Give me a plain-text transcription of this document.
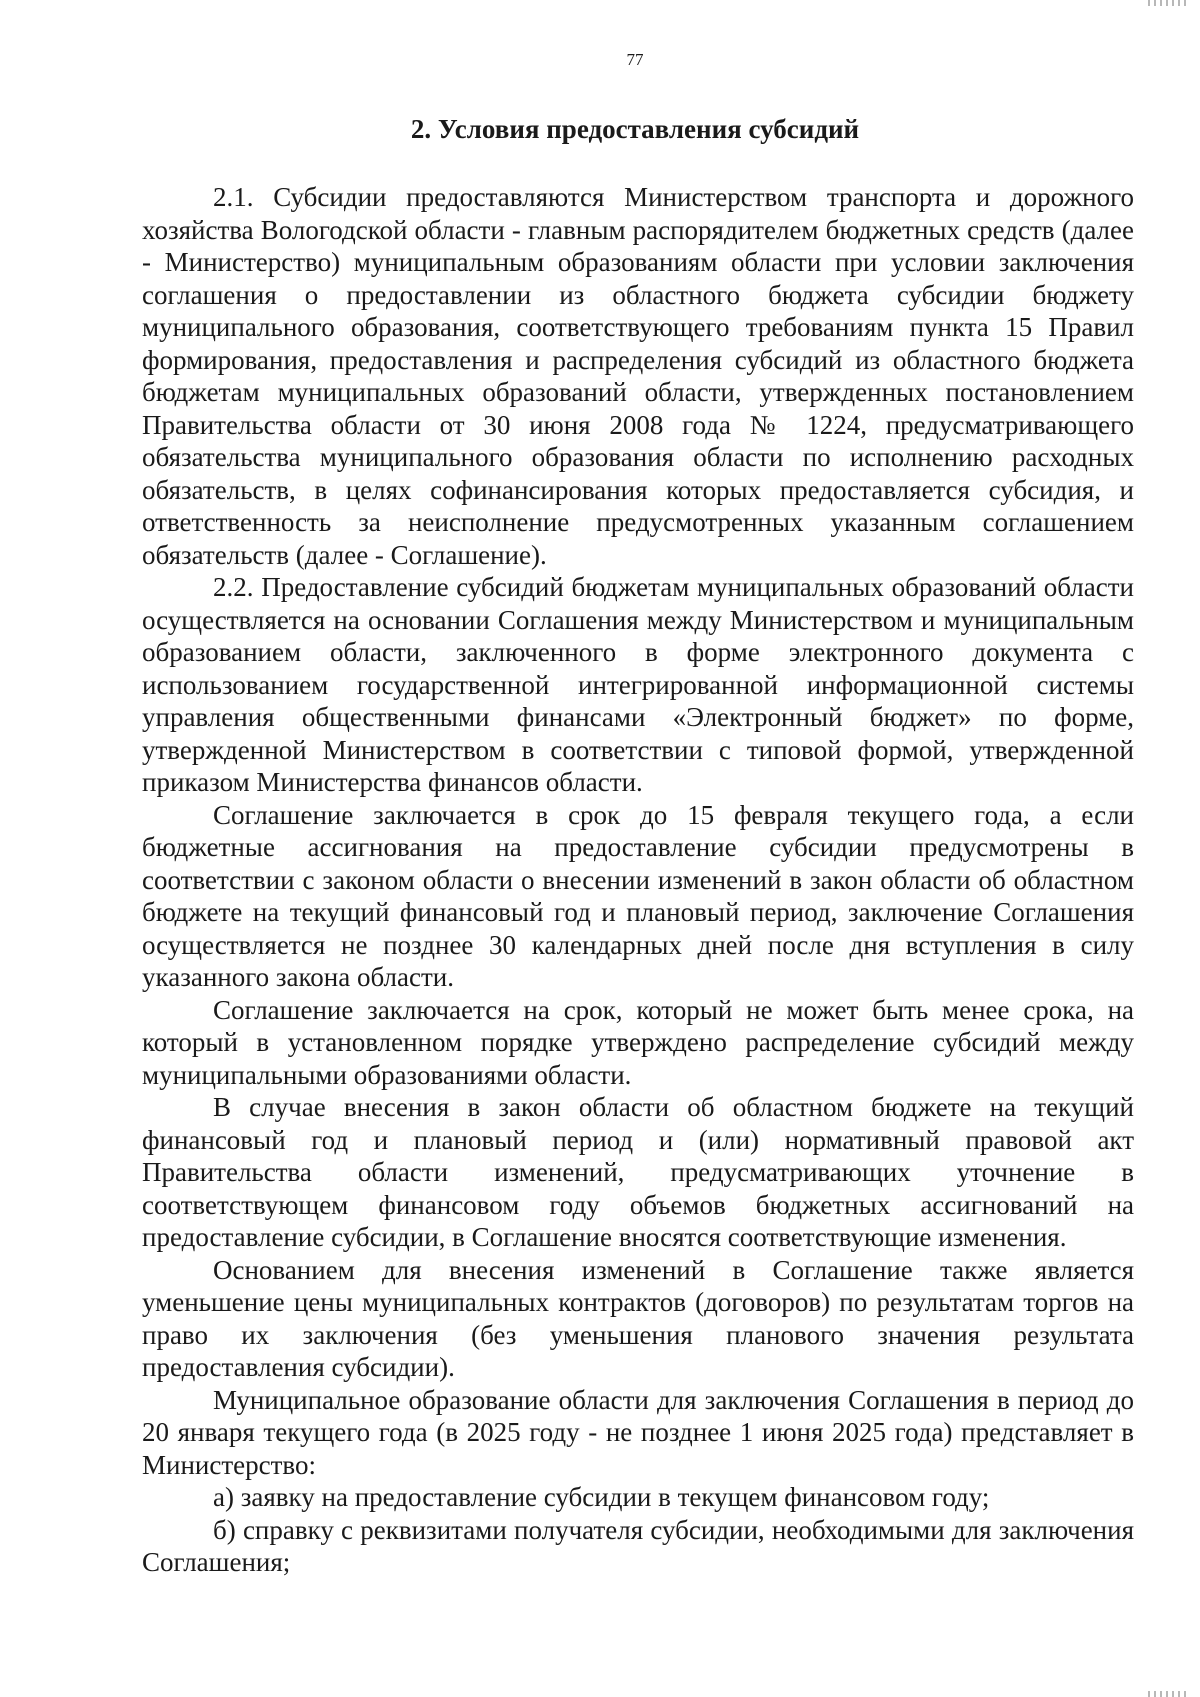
77
2. Условия предоставления субсидий

2.1. Субсидии предоставляются Министерством транспорта и дорожного хозяйства Вологодской области - главным распорядителем бюджетных средств (далее - Министерство) муниципальным образованиям области при условии заключения соглашения о предоставлении из областного бюджета субсидии бюджету муниципального образования, соответствующего требованиям пункта 15 Правил формирования, предоставления и распределения субсидий из областного бюджета бюджетам муниципальных образований области, утвержденных постановлением Правительства области от 30 июня 2008 года № 1224, предусматривающего обязательства муниципального образования области по исполнению расходных обязательств, в целях софинансирования которых предоставляется субсидия, и ответственность за неисполнение предусмотренных указанным соглашением обязательств (далее - Соглашение).

2.2. Предоставление субсидий бюджетам муниципальных образований области осуществляется на основании Соглашения между Министерством и муниципальным образованием области, заключенного в форме электронного документа с использованием государственной интегрированной информационной системы управления общественными финансами «Электронный бюджет» по форме, утвержденной Министерством в соответствии с типовой формой, утвержденной приказом Министерства финансов области.

Соглашение заключается в срок до 15 февраля текущего года, а если бюджетные ассигнования на предоставление субсидии предусмотрены в соответствии с законом области о внесении изменений в закон области об областном бюджете на текущий финансовый год и плановый период, заключение Соглашения осуществляется не позднее 30 календарных дней после дня вступления в силу указанного закона области.

Соглашение заключается на срок, который не может быть менее срока, на который в установленном порядке утверждено распределение субсидий между муниципальными образованиями области.

В случае внесения в закон области об областном бюджете на текущий финансовый год и плановый период и (или) нормативный правовой акт Правительства области изменений, предусматривающих уточнение в соответствующем финансовом году объемов бюджетных ассигнований на предоставление субсидии, в Соглашение вносятся соответствующие изменения.

Основанием для внесения изменений в Соглашение также является уменьшение цены муниципальных контрактов (договоров) по результатам торгов на право их заключения (без уменьшения планового значения результата предоставления субсидии).

Муниципальное образование области для заключения Соглашения в период до 20 января текущего года (в 2025 году - не позднее 1 июня 2025 года) представляет в Министерство:

а) заявку на предоставление субсидии в текущем финансовом году;

б) справку с реквизитами получателя субсидии, необходимыми для заключения Соглашения;
